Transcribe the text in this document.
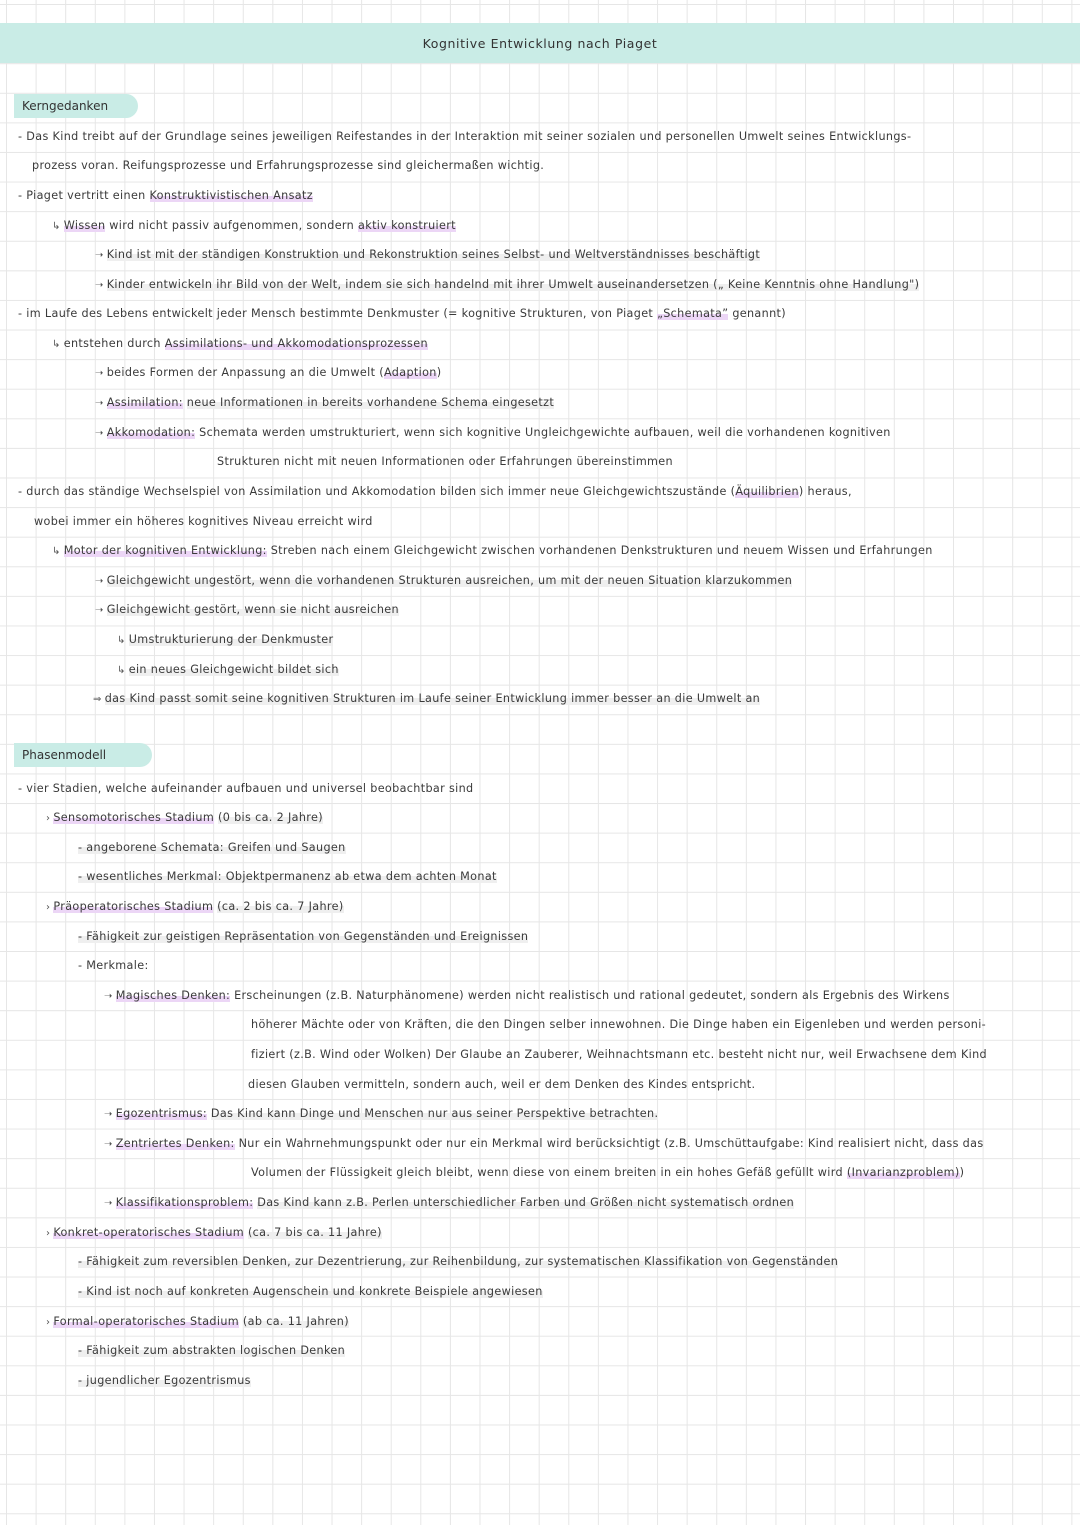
Kognitive Entwicklung nach Piaget
Kerngedanken
- Das Kind treibt auf der Grundlage seines jeweiligen Reifestandes in der Interaktion mit seiner sozialen und personellen Umwelt seines Entwicklungs-
prozess voran. Reifungsprozesse und Erfahrungsprozesse sind gleichermaßen wichtig.
- Piaget vertritt einen Konstruktivistischen Ansatz
↳ Wissen wird nicht passiv aufgenommen, sondern aktiv konstruiert
➝ Kind ist mit der ständigen Konstruktion und Rekonstruktion seines Selbst- und Weltverständnisses beschäftigt
➝ Kinder entwickeln ihr Bild von der Welt, indem sie sich handelnd mit ihrer Umwelt auseinandersetzen („ Keine Kenntnis ohne Handlung")
- im Laufe des Lebens entwickelt jeder Mensch bestimmte Denkmuster (= kognitive Strukturen, von Piaget „Schemata” genannt)
↳ entstehen durch Assimilations- und Akkomodationsprozessen
➝ beides Formen der Anpassung an die Umwelt (Adaption)
➝ Assimilation: neue Informationen in bereits vorhandene Schema eingesetzt
➝ Akkomodation: Schemata werden umstrukturiert, wenn sich kognitive Ungleichgewichte aufbauen, weil die vorhandenen kognitiven
Strukturen nicht mit neuen Informationen oder Erfahrungen übereinstimmen
- durch das ständige Wechselspiel von Assimilation und Akkomodation bilden sich immer neue Gleichgewichtszustände (Äquilibrien) heraus,
wobei immer ein höheres kognitives Niveau erreicht wird
↳ Motor der kognitiven Entwicklung: Streben nach einem Gleichgewicht zwischen vorhandenen Denkstrukturen und neuem Wissen und Erfahrungen
➝ Gleichgewicht ungestört, wenn die vorhandenen Strukturen ausreichen, um mit der neuen Situation klarzukommen
➝ Gleichgewicht gestört, wenn sie nicht ausreichen
↳ Umstrukturierung der Denkmuster
↳ ein neues Gleichgewicht bildet sich
⇒ das Kind passt somit seine kognitiven Strukturen im Laufe seiner Entwicklung immer besser an die Umwelt an
Phasenmodell
- vier Stadien, welche aufeinander aufbauen und universel beobachtbar sind
› Sensomotorisches Stadium (0 bis ca. 2 Jahre)
- angeborene Schemata: Greifen und Saugen
- wesentliches Merkmal: Objektpermanenz ab etwa dem achten Monat
› Präoperatorisches Stadium (ca. 2 bis ca. 7 Jahre)
- Fähigkeit zur geistigen Repräsentation von Gegenständen und Ereignissen
- Merkmale:
➝ Magisches Denken: Erscheinungen (z.B. Naturphänomene) werden nicht realistisch und rational gedeutet, sondern als Ergebnis des Wirkens
höherer Mächte oder von Kräften, die den Dingen selber innewohnen. Die Dinge haben ein Eigenleben und werden personi-
fiziert (z.B. Wind oder Wolken) Der Glaube an Zauberer, Weihnachtsmann etc. besteht nicht nur, weil Erwachsene dem Kind
diesen Glauben vermitteln, sondern auch, weil er dem Denken des Kindes entspricht.
➝ Egozentrismus: Das Kind kann Dinge und Menschen nur aus seiner Perspektive betrachten.
➝ Zentriertes Denken: Nur ein Wahrnehmungspunkt oder nur ein Merkmal wird berücksichtigt (z.B. Umschüttaufgabe: Kind realisiert nicht, dass das
Volumen der Flüssigkeit gleich bleibt, wenn diese von einem breiten in ein hohes Gefäß gefüllt wird (Invarianzproblem))
➝ Klassifikationsproblem: Das Kind kann z.B. Perlen unterschiedlicher Farben und Größen nicht systematisch ordnen
› Konkret-operatorisches Stadium (ca. 7 bis ca. 11 Jahre)
- Fähigkeit zum reversiblen Denken, zur Dezentrierung, zur Reihenbildung, zur systematischen Klassifikation von Gegenständen
- Kind ist noch auf konkreten Augenschein und konkrete Beispiele angewiesen
› Formal-operatorisches Stadium (ab ca. 11 Jahren)
- Fähigkeit zum abstrakten logischen Denken
- jugendlicher Egozentrismus
